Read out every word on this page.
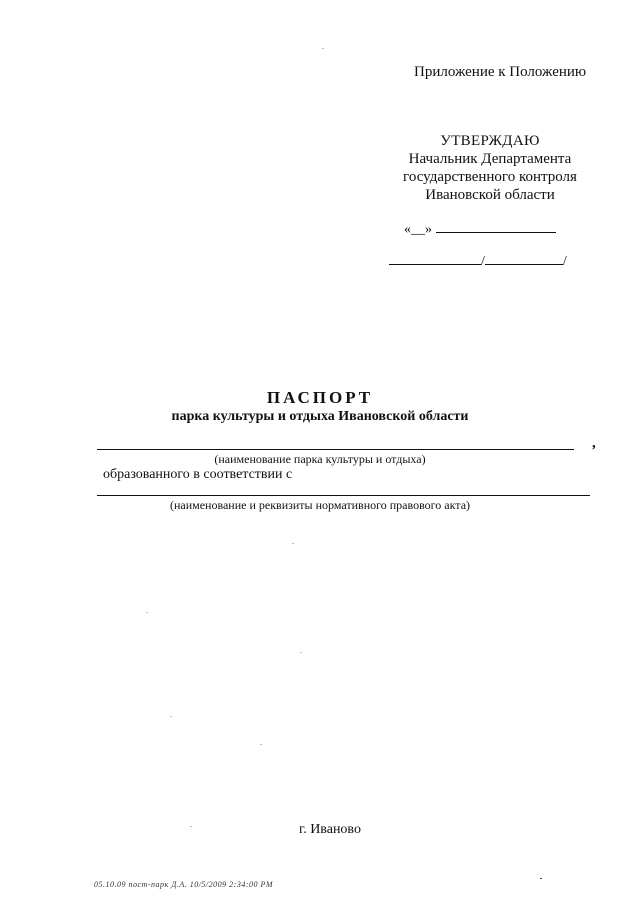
Приложение к Положению
УТВЕРЖДАЮ
Начальник Департамента
государственного контроля
Ивановской области
«__»
/	/
ПАСПОРТ
парка культуры и отдыха Ивановской области
,
(наименование парка культуры и отдыха)
образованного в соответствии с
(наименование и реквизиты нормативного правового акта)
г. Иваново
05.10.09 пост-парк Д.А. 10/5/2009 2:34:00 PM
